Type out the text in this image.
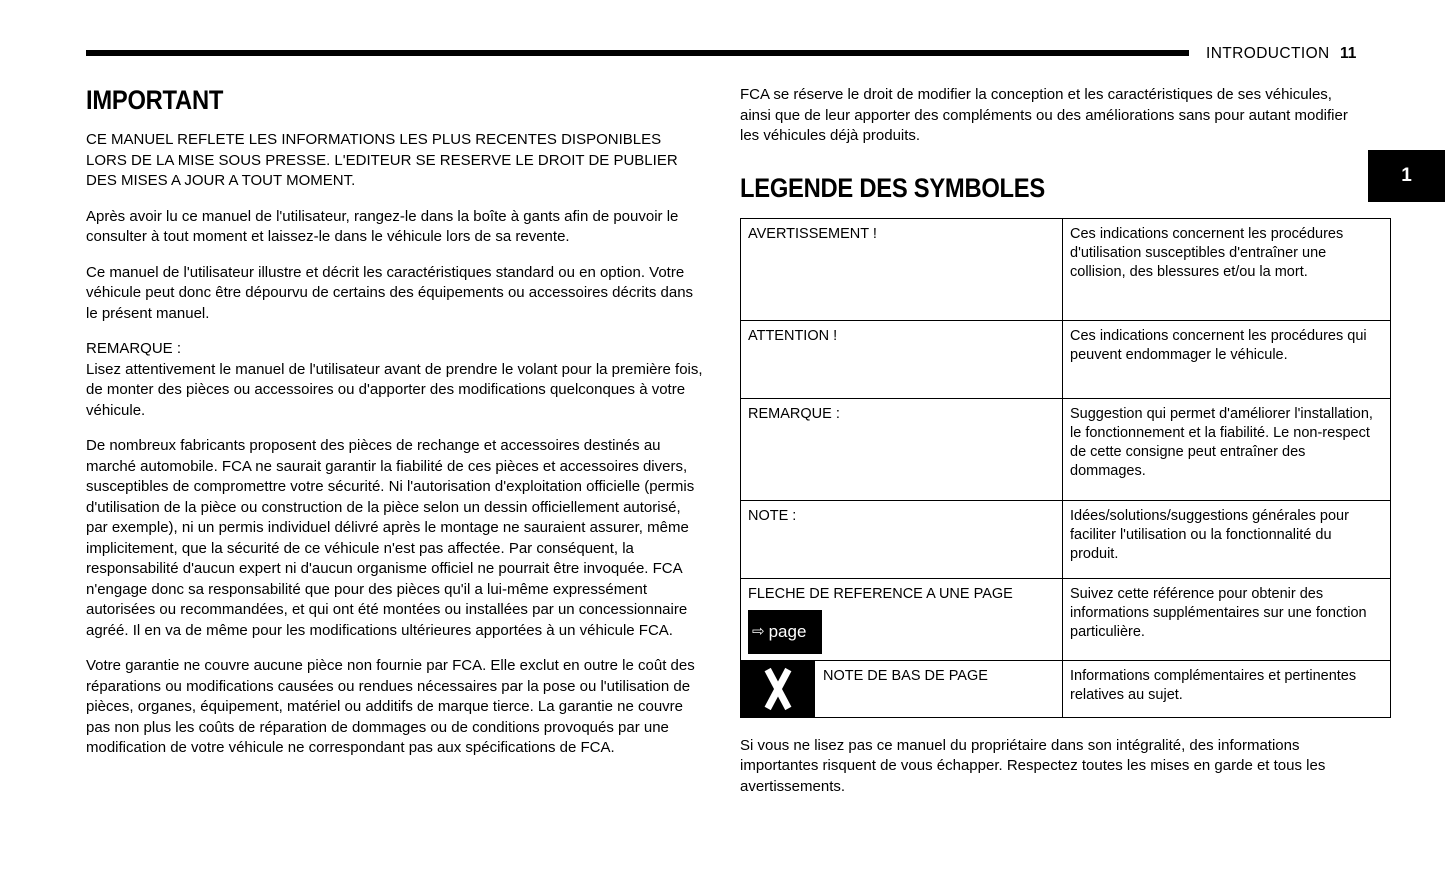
INTRODUCTION 11
1
IMPORTANT

CE MANUEL REFLETE LES INFORMATIONS LES PLUS RECENTES DISPONIBLES LORS DE LA MISE SOUS PRESSE. L'EDITEUR SE RESERVE LE DROIT DE PUBLIER DES MISES A JOUR A TOUT MOMENT.

Après avoir lu ce manuel de l'utilisateur, rangez-le dans la boîte à gants afin de pouvoir le consulter à tout moment et laissez-le dans le véhicule lors de sa revente.

Ce manuel de l'utilisateur illustre et décrit les caractéristiques standard ou en option. Votre véhicule peut donc être dépourvu de certains des équipements ou accessoires décrits dans le présent manuel.

REMARQUE :

Lisez attentivement le manuel de l'utilisateur avant de prendre le volant pour la première fois, de monter des pièces ou accessoires ou d'apporter des modifications quelconques à votre véhicule.

De nombreux fabricants proposent des pièces de rechange et accessoires destinés au marché automobile. FCA ne saurait garantir la fiabilité de ces pièces et accessoires divers, susceptibles de compromettre votre sécurité. Ni l'autorisation d'exploitation officielle (permis d'utilisation de la pièce ou construction de la pièce selon un dessin officiellement autorisé, par exemple), ni un permis individuel délivré après le montage ne sauraient assurer, même implicitement, que la sécurité de ce véhicule n'est pas affectée. Par conséquent, la responsabilité d'aucun expert ni d'aucun organisme officiel ne pourrait être invoquée. FCA n'engage donc sa responsabilité que pour des pièces qu'il a lui-même expressément autorisées ou recommandées, et qui ont été montées ou installées par un concessionnaire agréé. Il en va de même pour les modifications ultérieures apportées à un véhicule FCA.

Votre garantie ne couvre aucune pièce non fournie par FCA. Elle exclut en outre le coût des réparations ou modifications causées ou rendues nécessaires par la pose ou l'utilisation de pièces, organes, équipement, matériel ou additifs de marque tierce. La garantie ne couvre pas non plus les coûts de réparation de dommages ou de conditions provoqués par une modification de votre véhicule ne correspondant pas aux spécifications de FCA.

FCA se réserve le droit de modifier la conception et les caractéristiques de ses véhicules, ainsi que de leur apporter des compléments ou des améliorations sans pour autant modifier les véhicules déjà produits.

LEGENDE DES SYMBOLES
AVERTISSEMENT !	Ces indications concernent les procédures d'utilisation susceptibles d'entraîner une collision, des blessures et/ou la mort.

ATTENTION !	Ces indications concernent les procédures qui peuvent endommager le véhicule.

REMARQUE :	Suggestion qui permet d'améliorer l'installation, le fonctionnement et la fiabilité. Le non-respect de cette consigne peut entraîner des dommages.

NOTE :	Idées/solutions/suggestions générales pour faciliter l'utilisation ou la fonctionnalité du produit.

FLECHE DE REFERENCE A UNE PAGE
⇨ page	Suivez cette référence pour obtenir des informations supplémentaires sur une fonction particulière.

NOTE DE BAS DE PAGE	Informations complémentaires et pertinentes relatives au sujet.

Si vous ne lisez pas ce manuel du propriétaire dans son intégralité, des informations importantes risquent de vous échapper. Respectez toutes les mises en garde et tous les avertissements.
